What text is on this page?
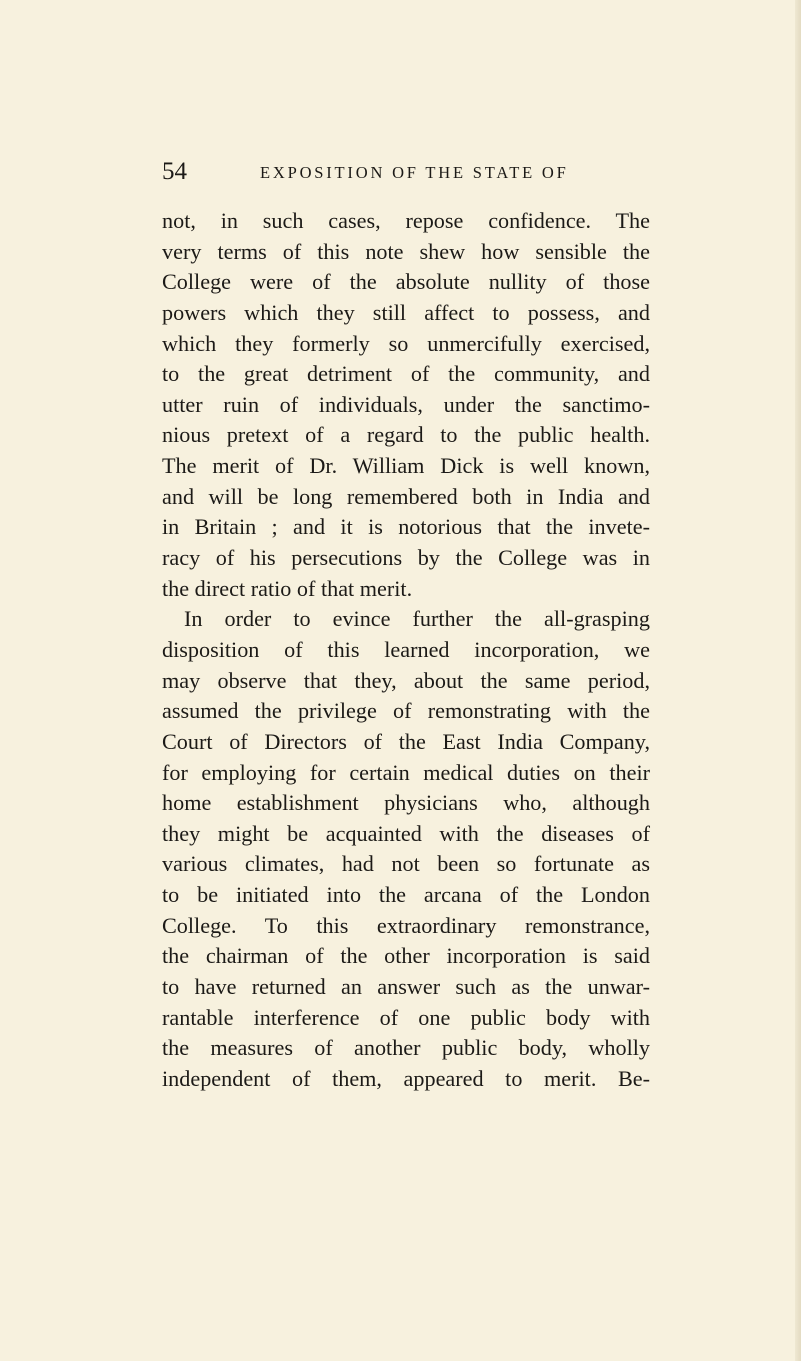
54	EXPOSITION OF THE STATE OF
not, in such cases, repose confidence. The
very terms of this note shew how sensible the
College were of the absolute nullity of those
powers which they still affect to possess, and
which they formerly so unmercifully exercised,
to the great detriment of the community, and
utter ruin of individuals, under the sanctimo-
nious pretext of a regard to the public health.
The merit of Dr. William Dick is well known,
and will be long remembered both in India and
in Britain ; and it is notorious that the invete-
racy of his persecutions by the College was in
the direct ratio of that merit.
In order to evince further the all-grasping
disposition of this learned incorporation, we
may observe that they, about the same period,
assumed the privilege of remonstrating with the
Court of Directors of the East India Company,
for employing for certain medical duties on their
home establishment physicians who, although
they might be acquainted with the diseases of
various climates, had not been so fortunate as
to be initiated into the arcana of the London
College. To this extraordinary remonstrance,
the chairman of the other incorporation is said
to have returned an answer such as the unwar-
rantable interference of one public body with
the measures of another public body, wholly
independent of them, appeared to merit. Be-
